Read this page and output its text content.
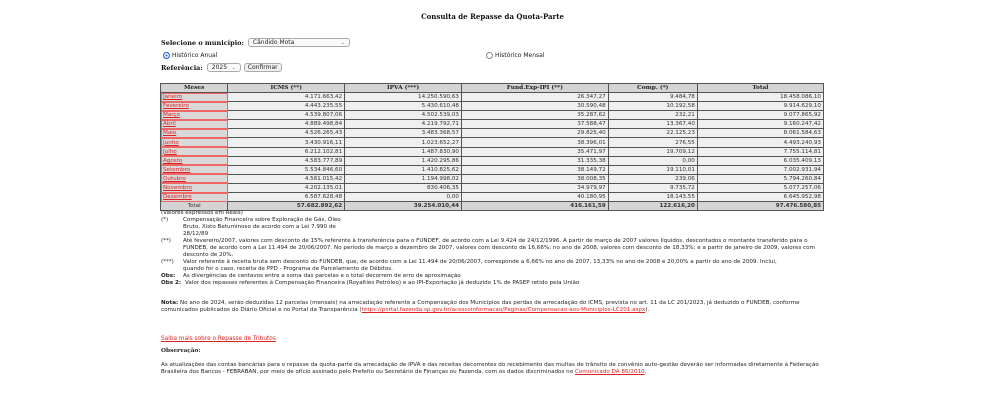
Consulta de Repasse da Quota-Parte
Selecione o município: Cândido Mota	⌄
Histórico Anual	Histórico Mensal
Referência: 2025 ⌄	Confirmar
Meses	ICMS (**)	IPVA (***)	Fund.Exp-IPI (**)	Comp. (*)	Total
Janeiro	4.171.663,42	14.250.590,63	26.347,27	9.484,78	18.458.086,10
Fevereiro	4.443.235,55	5.430.610,48	30.590,48	10.192,58	9.914.629,10
Março	4.539.807,06	4.502.539,03	35.287,62	232,21	9.077.865,92
Abril	4.889.498,84	4.219.792,71	37.588,47	13.367,40	9.160.247,42
Maio	4.526.265,43	3.483.368,57	29.825,40	22.125,23	8.061.584,63
Junho	3.430.916,11	1.023.652,27	38.396,01	276,55	4.493.240,93
Julho	6.212.102,81	1.487.830,90	35.471,97	19.709,12	7.755.114,81
Agosto	4.583.777,89	1.420.295,86	31.335,38	0,00	6.035.409,13
Setembro	5.534.846,60	1.410.825,62	38.149,72	19.110,01	7.002.931,94
Outubro	4.561.015,42	1.194.998,02	38.008,35	239,06	5.794.260,84
Novembro	4.202.135,01	830.406,35	34.979,97	9.735,72	5.077.257,06
Dezembro	6.587.628,48	0,00	40.180,95	18.143,55	6.645.952,98
Total	57.682.892,62	39.254.010,44	416.161,59	122.616,20	97.476.580,85
(Valores expressos em Reais)
(*)	Compensação Financeira sobre Exploração de Gás, Óleo Bruto, Xisto Betuminoso de acordo com a Lei 7.990 de 28/12/89
(**)	Até fevereiro/2007, valores com desconto de 15% referente à transferência para o FUNDEF, de acordo com a Lei 9.424 de 24/12/1996. A partir de março de 2007 valores líquidos, descontados o montante transferido para o FUNDEB, de acordo com a Lei 11.494 de 20/06/2007. No período de março a dezembro de 2007, valores com desconto de 16,66%; no ano de 2008, valores com desconto de 18,33%; e a partir de janeiro de 2009, valores com desconto de 20%.
(***)	Valor referente à receita bruta sem desconto do FUNDEB, que, de acordo com a Lei 11.494 de 20/06/2007, corresponde a 6,66% no ano de 2007, 13,33% no ano de 2008 e 20,00% a partir do ano de 2009. Inclui, quando for o caso, receita de PPD - Programa de Parcelamento de Débitos.
Obs:	As divergências de centavos entre a soma das parcelas e o total decorrem de erro de aproximação
Obs 2: Valor dos repasses referentes à Compensação Financeira (Royalties Petróleo) e ao IPI-Exportação já deduzido 1% de PASEP retido pela União
Nota: No ano de 2024, serão deduzidas 12 parcelas (mensais) na arrecadação referente a Compensação dos Municípios das perdas de arrecadação do ICMS, prevista no art. 11 da LC 201/2023, já deduzido o FUNDEB, conforme comunicados publicados do Diário Oficial e no Portal da Transparência (https://portal.fazenda.sp.gov.br/acessoinformacao/Paginas/Compensacao-aos-Municipios-LC201.aspx).
Saiba mais sobre o Repasse de Tributos
Observação:
As atualizações das contas bancárias para o repasse da quota-parte da arrecadação de IPVA e das receitas decorrentes do recebimento das multas de trânsito de convênio auto-gestão deverão ser informadas diretamente à Federação Brasileira dos Bancos - FEBRABAN, por meio de ofício assinado pelo Prefeito ou Secretário de Finanças ou Fazenda, com os dados discriminados no Comunicado DA 86/2010.
